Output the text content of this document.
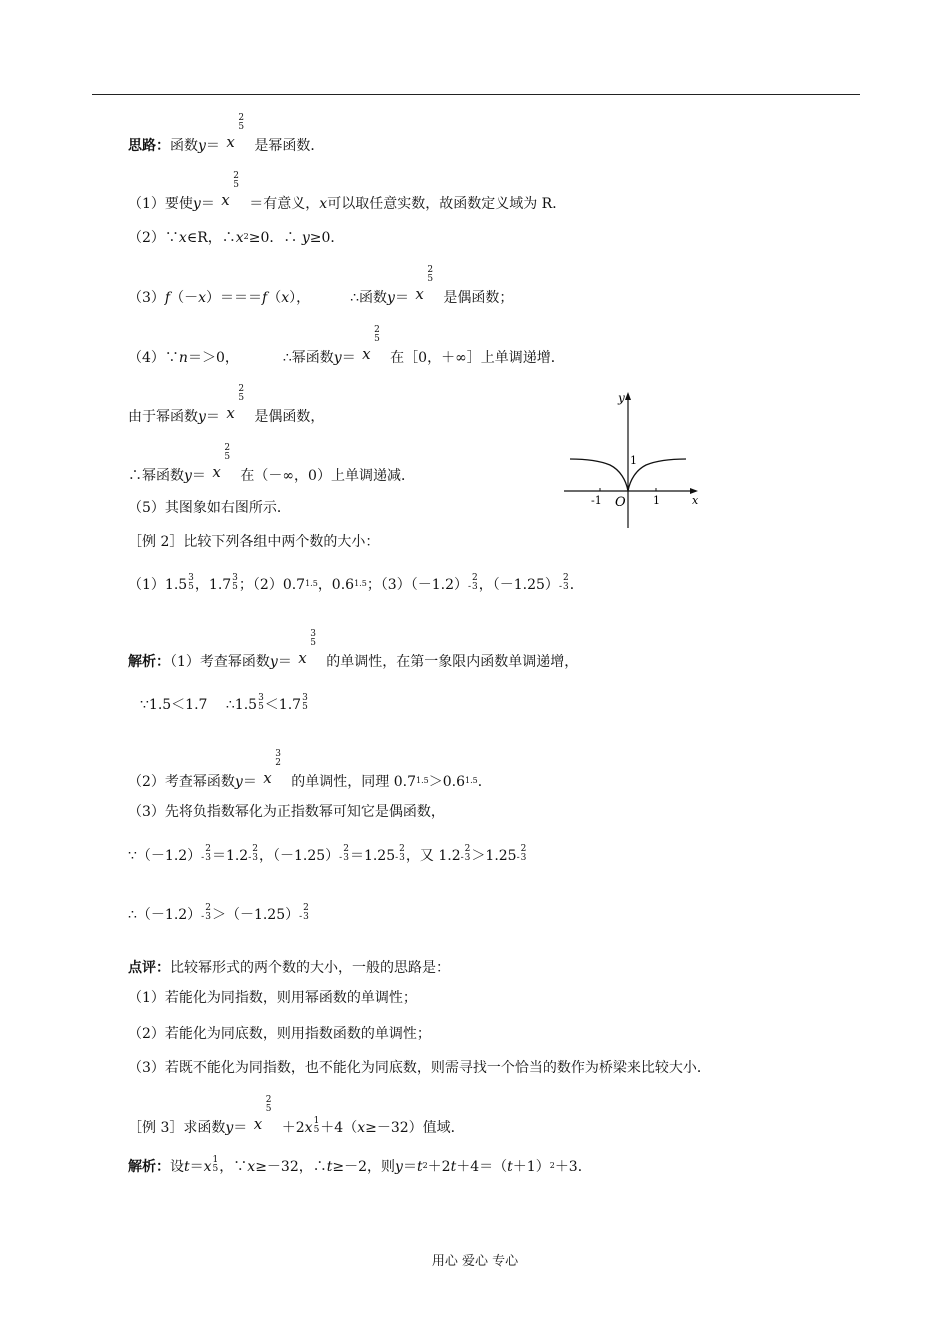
思路：函数y＝
2
5
x 是幂函数．
（1）要使y＝
2
5
x ＝有意义，x可以取任意实数，故函数定义域为 R．
（2）∵x∈R，$\therefore x^2\ge 0$．∴ y≥0．
（3）f（－x）＝＝＝f（x），	∴函数y＝
2
5
x 是偶函数；
（4）∵n＝＞0，	∴幂函数y＝
2
5
x 在［0，＋∞］上单调递增．
由于幂函数y＝
2
5
x 是偶函数，
∴幂函数y＝
2
5
x 在（－∞，0）上单调递减．
（5）其图象如右图所示．
［例 2］比较下列各组中两个数的大小：
（1）1.5 3
5 ，1.7 3
5 ；$(2)0.7^{1.5}$，$0.6^{1.5}$；（3）（－1.2）-
2
3 ，（－1.25）-
2
3 ．
解析：（1）考查幂函数y＝
3
5
x 的单调性，在第一象限内函数单调递增，
∵1.5＜1.7　 ∴1.5 3
5 ＜1.7 3
5
（2）考查幂函数y＝
3
2
x 的单调性，同理 $0.7^{1.5}>0.6^{1.5}$．
（3）先将负指数幂化为正指数幂可知它是偶函数，
∵（－1.2）-
2
3 ＝1.2-
2
3 ，（－1.25）-
2
3 ＝1.25-
2
3 ，又 1.2-
2
3 ＞1.25-
2
3
∴（－1.2）-
2
3 ＞（－1.25）-
2
3
点评：比较幂形式的两个数的大小，一般的思路是：
（1）若能化为同指数，则用幂函数的单调性；
（2）若能化为同底数，则用指数函数的单调性；
（3）若既不能化为同指数，也不能化为同底数，则需寻找一个恰当的数作为桥梁来比较大小．
［例 3］求函数y＝
2
5
x ＋2x 1
5 ＋4（x≥－32）值域．
解析：设t＝x 1
5 ，∵x≥－32，∴t≥－2，则$y=t^2+2t+4=(t+1)^2+3$．
y
x
O
-1	1
1
用心 爱心 专心
